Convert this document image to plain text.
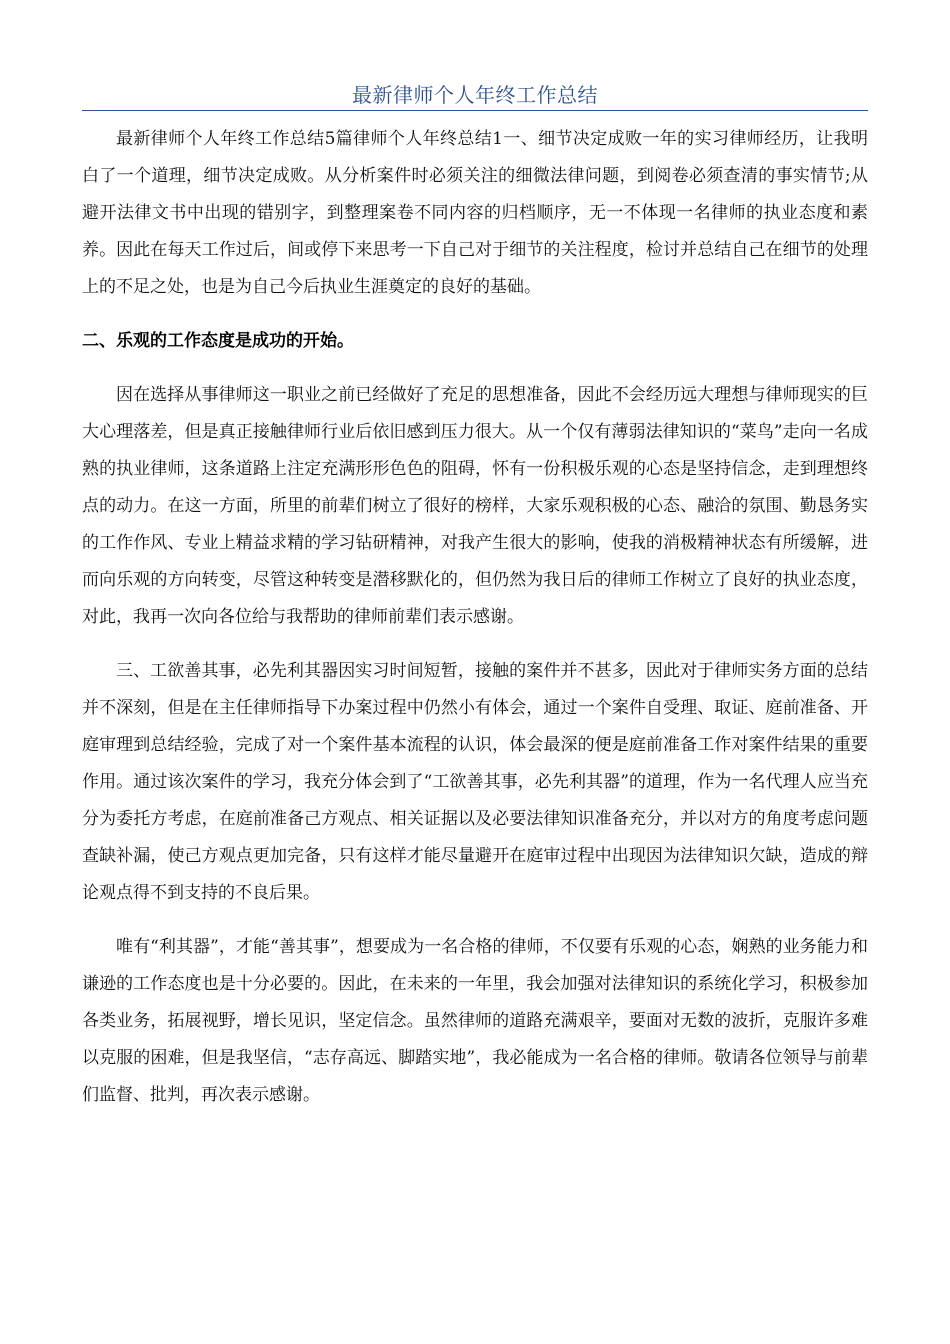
最新律师个人年终工作总结

最新律师个人年终工作总结5篇律师个人年终总结1一、细节决定成败一年的实习律师经历，让我明白了一个道理，细节决定成败。从分析案件时必须关注的细微法律问题，到阅卷必须查清的事实情节;从避开法律文书中出现的错别字，到整理案卷不同内容的归档顺序，无一不体现一名律师的执业态度和素养。因此在每天工作过后，间或停下来思考一下自己对于细节的关注程度，检讨并总结自己在细节的处理上的不足之处，也是为自己今后执业生涯奠定的良好的基础。

二、乐观的工作态度是成功的开始。

因在选择从事律师这一职业之前已经做好了充足的思想准备，因此不会经历远大理想与律师现实的巨大心理落差，但是真正接触律师行业后依旧感到压力很大。从一个仅有薄弱法律知识的“菜鸟”走向一名成熟的执业律师，这条道路上注定充满形形色色的阻碍，怀有一份积极乐观的心态是坚持信念，走到理想终点的动力。在这一方面，所里的前辈们树立了很好的榜样，大家乐观积极的心态、融洽的氛围、勤恳务实的工作作风、专业上精益求精的学习钻研精神，对我产生很大的影响，使我的消极精神状态有所缓解，进而向乐观的方向转变，尽管这种转变是潜移默化的，但仍然为我日后的律师工作树立了良好的执业态度，对此，我再一次向各位给与我帮助的律师前辈们表示感谢。

三、工欲善其事，必先利其器因实习时间短暂，接触的案件并不甚多，因此对于律师实务方面的总结并不深刻，但是在主任律师指导下办案过程中仍然小有体会，通过一个案件自受理、取证、庭前准备、开庭审理到总结经验，完成了对一个案件基本流程的认识，体会最深的便是庭前准备工作对案件结果的重要作用。通过该次案件的学习，我充分体会到了“工欲善其事，必先利其器”的道理，作为一名代理人应当充分为委托方考虑，在庭前准备己方观点、相关证据以及必要法律知识准备充分，并以对方的角度考虑问题查缺补漏，使己方观点更加完备，只有这样才能尽量避开在庭审过程中出现因为法律知识欠缺，造成的辩论观点得不到支持的不良后果。

唯有“利其器”，才能“善其事”，想要成为一名合格的律师，不仅要有乐观的心态，娴熟的业务能力和谦逊的工作态度也是十分必要的。因此，在未来的一年里，我会加强对法律知识的系统化学习，积极参加各类业务，拓展视野，增长见识，坚定信念。虽然律师的道路充满艰辛，要面对无数的波折，克服许多难以克服的困难，但是我坚信，“志存高远、脚踏实地”，我必能成为一名合格的律师。敬请各位领导与前辈们监督、批判，再次表示感谢。
